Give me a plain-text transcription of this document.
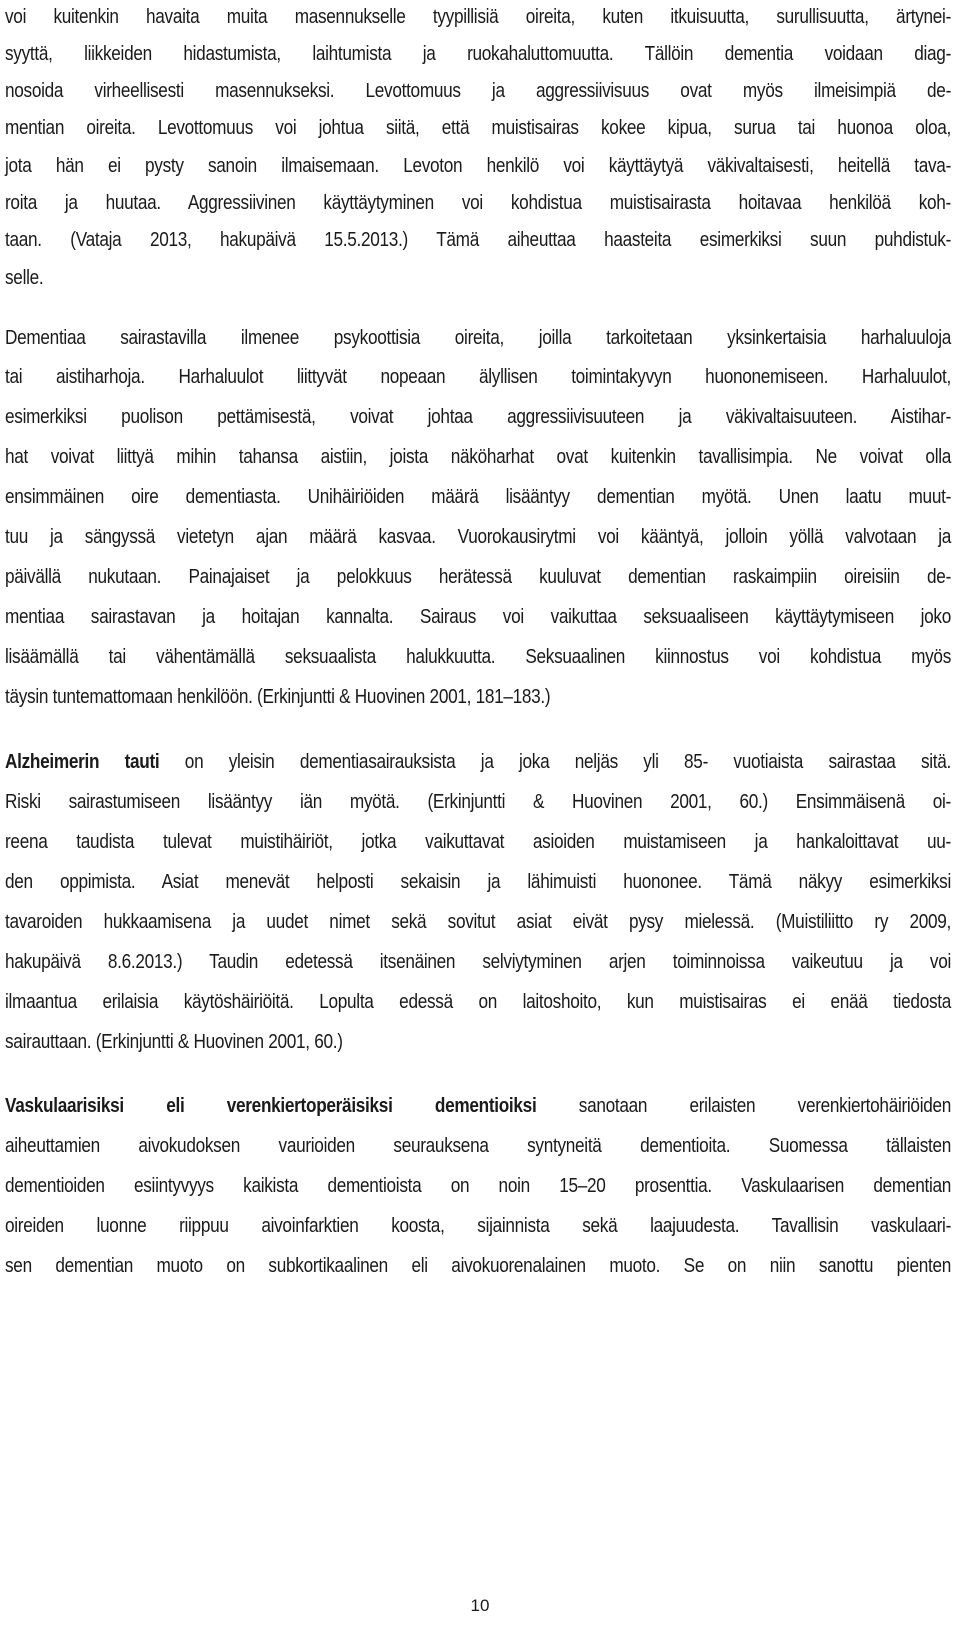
voi kuitenkin havaita muita masennukselle tyypillisiä oireita, kuten itkuisuutta, surullisuutta, ärtynei-
syyttä, liikkeiden hidastumista, laihtumista ja ruokahaluttomuutta. Tällöin dementia voidaan diag-
nosoida virheellisesti masennukseksi. Levottomuus ja aggressiivisuus ovat myös ilmeisimpiä de-
mentian oireita. Levottomuus voi johtua siitä, että muistisairas kokee kipua, surua tai huonoa oloa,
jota hän ei pysty sanoin ilmaisemaan. Levoton henkilö voi käyttäytyä väkivaltaisesti, heitellä tava-
roita ja huutaa. Aggressiivinen käyttäytyminen voi kohdistua muistisairasta hoitavaa henkilöä koh-
taan. (Vataja 2013, hakupäivä 15.5.2013.) Tämä aiheuttaa haasteita esimerkiksi suun puhdistuk-
selle.
Dementiaa sairastavilla ilmenee psykoottisia oireita, joilla tarkoitetaan yksinkertaisia harhaluuloja
tai aistiharhoja. Harhaluulot liittyvät nopeaan älyllisen toimintakyvyn huononemiseen. Harhaluulot,
esimerkiksi puolison pettämisestä, voivat johtaa aggressiivisuuteen ja väkivaltaisuuteen. Aistihar-
hat voivat liittyä mihin tahansa aistiin, joista näköharhat ovat kuitenkin tavallisimpia. Ne voivat olla
ensimmäinen oire dementiasta. Unihäiriöiden määrä lisääntyy dementian myötä. Unen laatu muut-
tuu ja sängyssä vietetyn ajan määrä kasvaa. Vuorokausirytmi voi kääntyä, jolloin yöllä valvotaan ja
päivällä nukutaan. Painajaiset ja pelokkuus herätessä kuuluvat dementian raskaimpiin oireisiin de-
mentiaa sairastavan ja hoitajan kannalta. Sairaus voi vaikuttaa seksuaaliseen käyttäytymiseen joko
lisäämällä tai vähentämällä seksuaalista halukkuutta. Seksuaalinen kiinnostus voi kohdistua myös
täysin tuntemattomaan henkilöön. (Erkinjuntti & Huovinen 2001, 181–183.)
Alzheimerin tauti on yleisin dementiasairauksista ja joka neljäs yli 85- vuotiaista sairastaa sitä.
Riski sairastumiseen lisääntyy iän myötä. (Erkinjuntti & Huovinen 2001, 60.) Ensimmäisenä oi-
reena taudista tulevat muistihäiriöt, jotka vaikuttavat asioiden muistamiseen ja hankaloittavat uu-
den oppimista. Asiat menevät helposti sekaisin ja lähimuisti huononee. Tämä näkyy esimerkiksi
tavaroiden hukkaamisena ja uudet nimet sekä sovitut asiat eivät pysy mielessä. (Muistiliitto ry 2009,
hakupäivä 8.6.2013.) Taudin edetessä itsenäinen selviytyminen arjen toiminnoissa vaikeutuu ja voi
ilmaantua erilaisia käytöshäiriöitä. Lopulta edessä on laitoshoito, kun muistisairas ei enää tiedosta
sairauttaan. (Erkinjuntti & Huovinen 2001, 60.)
Vaskulaarisiksi eli verenkiertoperäisiksi dementioiksi sanotaan erilaisten verenkiertohäiriöiden
aiheuttamien aivokudoksen vaurioiden seurauksena syntyneitä dementioita. Suomessa tällaisten
dementioiden esiintyvyys kaikista dementioista on noin 15–20 prosenttia. Vaskulaarisen dementian
oireiden luonne riippuu aivoinfarktien koosta, sijainnista sekä laajuudesta. Tavallisin vaskulaari-
sen dementian muoto on subkortikaalinen eli aivokuorenalainen muoto. Se on niin sanottu pienten
10
